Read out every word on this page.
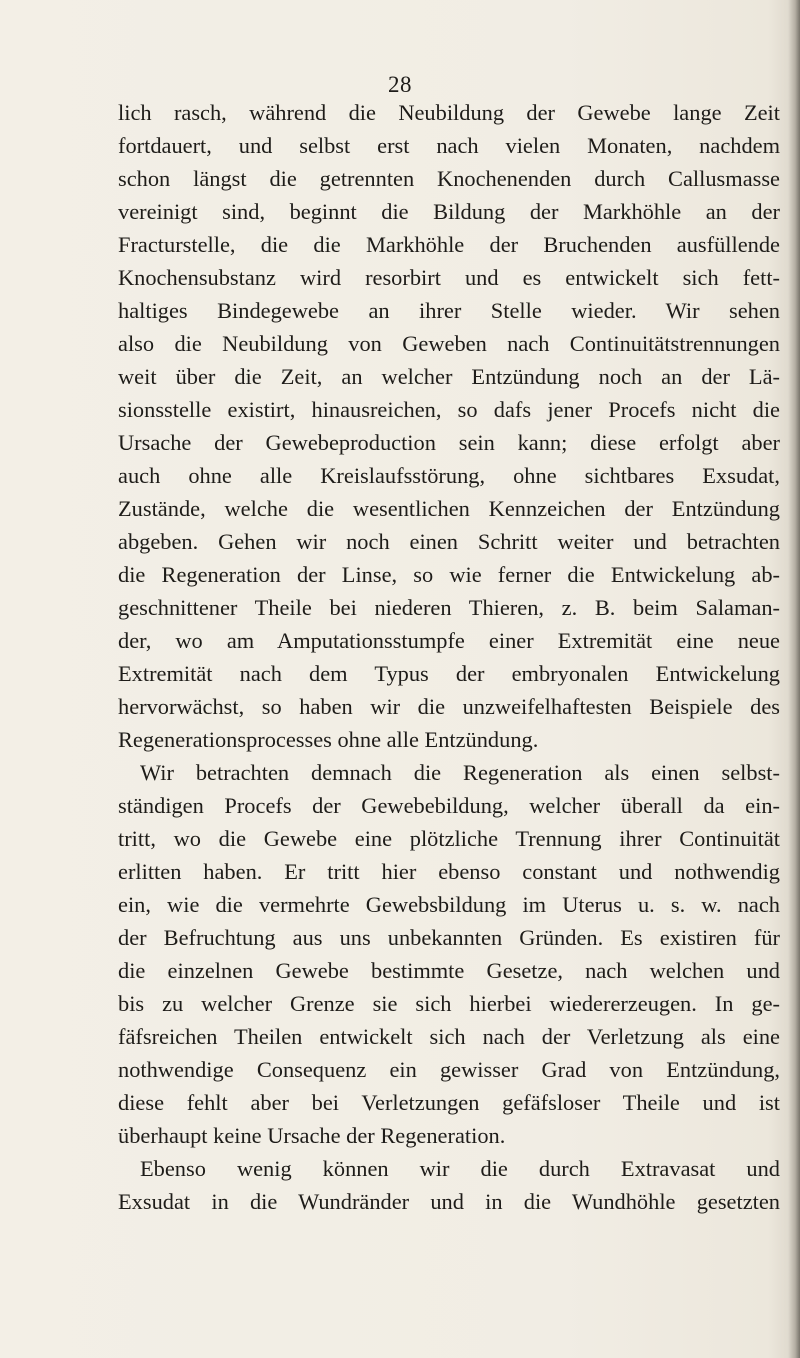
28
lich rasch, während die Neubildung der Gewebe lange Zeit
fortdauert, und selbst erst nach vielen Monaten, nachdem
schon längst die getrennten Knochenenden durch Callusmasse
vereinigt sind, beginnt die Bildung der Markhöhle an der
Fracturstelle, die die Markhöhle der Bruchenden ausfüllende
Knochensubstanz wird resorbirt und es entwickelt sich fett-
haltiges Bindegewebe an ihrer Stelle wieder. Wir sehen
also die Neubildung von Geweben nach Continuitätstrennungen
weit über die Zeit, an welcher Entzündung noch an der Lä-
sionsstelle existirt, hinausreichen, so dafs jener Procefs nicht die
Ursache der Gewebeproduction sein kann; diese erfolgt aber
auch ohne alle Kreislaufsstörung, ohne sichtbares Exsudat,
Zustände, welche die wesentlichen Kennzeichen der Entzündung
abgeben. Gehen wir noch einen Schritt weiter und betrachten
die Regeneration der Linse, so wie ferner die Entwickelung ab-
geschnittener Theile bei niederen Thieren, z. B. beim Salaman-
der, wo am Amputationsstumpfe einer Extremität eine neue
Extremität nach dem Typus der embryonalen Entwickelung
hervorwächst, so haben wir die unzweifelhaftesten Beispiele des
Regenerationsprocesses ohne alle Entzündung.
Wir betrachten demnach die Regeneration als einen selbst-
ständigen Procefs der Gewebebildung, welcher überall da ein-
tritt, wo die Gewebe eine plötzliche Trennung ihrer Continuität
erlitten haben. Er tritt hier ebenso constant und nothwendig
ein, wie die vermehrte Gewebsbildung im Uterus u. s. w. nach
der Befruchtung aus uns unbekannten Gründen. Es existiren für
die einzelnen Gewebe bestimmte Gesetze, nach welchen und
bis zu welcher Grenze sie sich hierbei wiedererzeugen. In ge-
fäfsreichen Theilen entwickelt sich nach der Verletzung als eine
nothwendige Consequenz ein gewisser Grad von Entzündung,
diese fehlt aber bei Verletzungen gefäfsloser Theile und ist
überhaupt keine Ursache der Regeneration.
Ebenso wenig können wir die durch Extravasat und
Exsudat in die Wundränder und in die Wundhöhle gesetzten
